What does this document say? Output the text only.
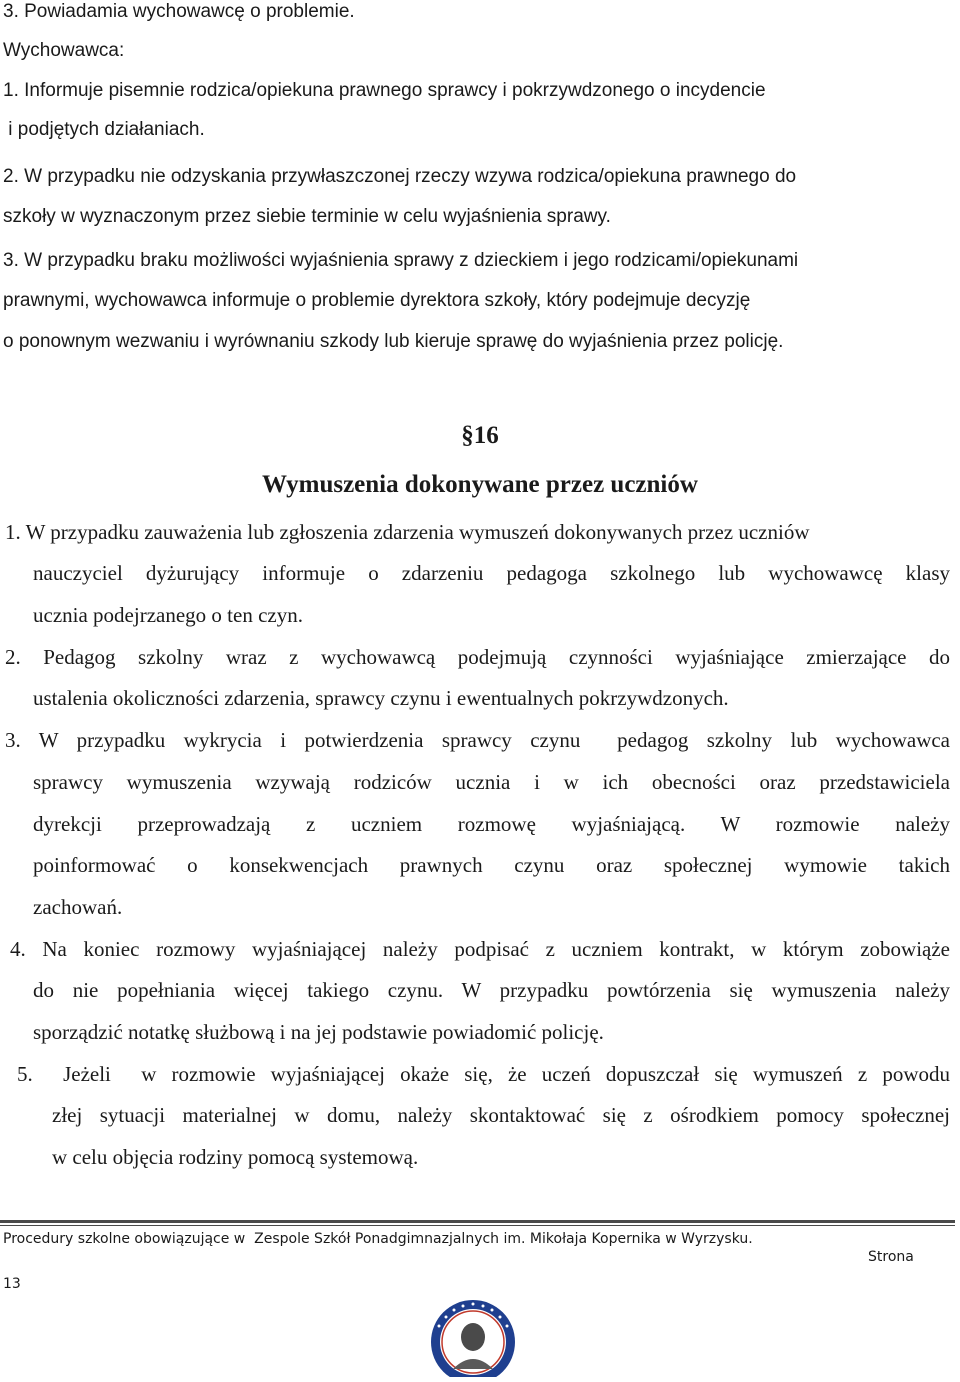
3. Powiadamia wychowawcę o problemie.
Wychowawca:
1. Informuje pisemnie rodzica/opiekuna prawnego sprawcy i pokrzywdzonego o incydencie
i podjętych działaniach.
2. W przypadku nie odzyskania przywłaszczonej rzeczy wzywa rodzica/opiekuna prawnego do
szkoły w wyznaczonym przez siebie terminie w celu wyjaśnienia sprawy.
3. W przypadku braku możliwości wyjaśnienia sprawy z dzieckiem i jego rodzicami/opiekunami
prawnymi, wychowawca informuje o problemie dyrektora szkoły, który podejmuje decyzję
o ponownym wezwaniu i wyrównaniu szkody lub kieruje sprawę do wyjaśnienia przez policję.
§16
Wymuszenia dokonywane przez uczniów
1. W przypadku zauważenia lub zgłoszenia zdarzenia wymuszeń dokonywanych przez uczniów
nauczyciel dyżurujący informuje o zdarzeniu pedagoga szkolnego lub wychowawcę klasy
ucznia podejrzanego o ten czyn.
2. Pedagog szkolny wraz z wychowawcą podejmują czynności wyjaśniające zmierzające do
ustalenia okoliczności zdarzenia, sprawcy czynu i ewentualnych pokrzywdzonych.
3. W przypadku wykrycia i potwierdzenia sprawcy czynu  pedagog szkolny lub wychowawca
sprawcy wymuszenia wzywają rodziców ucznia i w ich obecności oraz przedstawiciela
dyrekcji przeprowadzają z uczniem rozmowę wyjaśniającą. W rozmowie należy
poinformować o konsekwencjach prawnych czynu oraz społecznej wymowie takich
zachowań.
4. Na koniec rozmowy wyjaśniającej należy podpisać z uczniem kontrakt, w którym zobowiąże
do nie popełniania więcej takiego czynu. W przypadku powtórzenia się wymuszenia należy
sporządzić notatkę służbową i na jej podstawie powiadomić policję.
5.  Jeżeli  w rozmowie wyjaśniającej okaże się, że uczeń dopuszczał się wymuszeń z powodu
złej sytuacji materialnej w domu, należy skontaktować się z ośrodkiem pomocy społecznej
w celu objęcia rodziny pomocą systemową.
Procedury szkolne obowiązujące w  Zespole Szkół Ponadgimnazjalnych im. Mikołaja Kopernika w Wyrzysku.
Strona
13
